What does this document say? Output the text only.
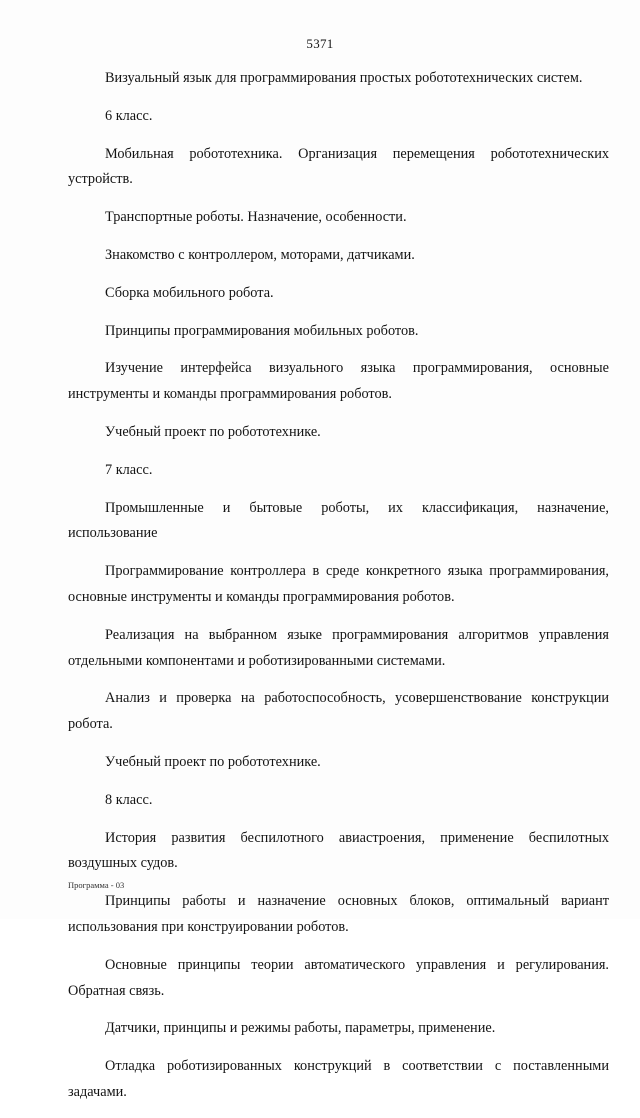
5371

Визуальный язык для программирования простых робототехнических систем.

6 класс.

Мобильная робототехника. Организация перемещения робототехнических устройств.

Транспортные роботы. Назначение, особенности.

Знакомство с контроллером, моторами, датчиками.

Сборка мобильного робота.

Принципы программирования мобильных роботов.

Изучение интерфейса визуального языка программирования, основные инструменты и команды программирования роботов.

Учебный проект по робототехнике.

7 класс.

Промышленные и бытовые роботы, их классификация, назначение, использование

Программирование контроллера в среде конкретного языка программирования, основные инструменты и команды программирования роботов.

Реализация на выбранном языке программирования алгоритмов управления отдельными компонентами и роботизированными системами.

Анализ и проверка на работоспособность, усовершенствование конструкции робота.

Учебный проект по робототехнике.

8 класс.

История развития беспилотного авиастроения, применение беспилотных воздушных судов.

Принципы работы и назначение основных блоков, оптимальный вариант использования при конструировании роботов.

Основные принципы теории автоматического управления и регулирования. Обратная связь.

Датчики, принципы и режимы работы, параметры, применение.

Отладка роботизированных конструкций в соответствии с поставленными задачами.

Программа - 03
